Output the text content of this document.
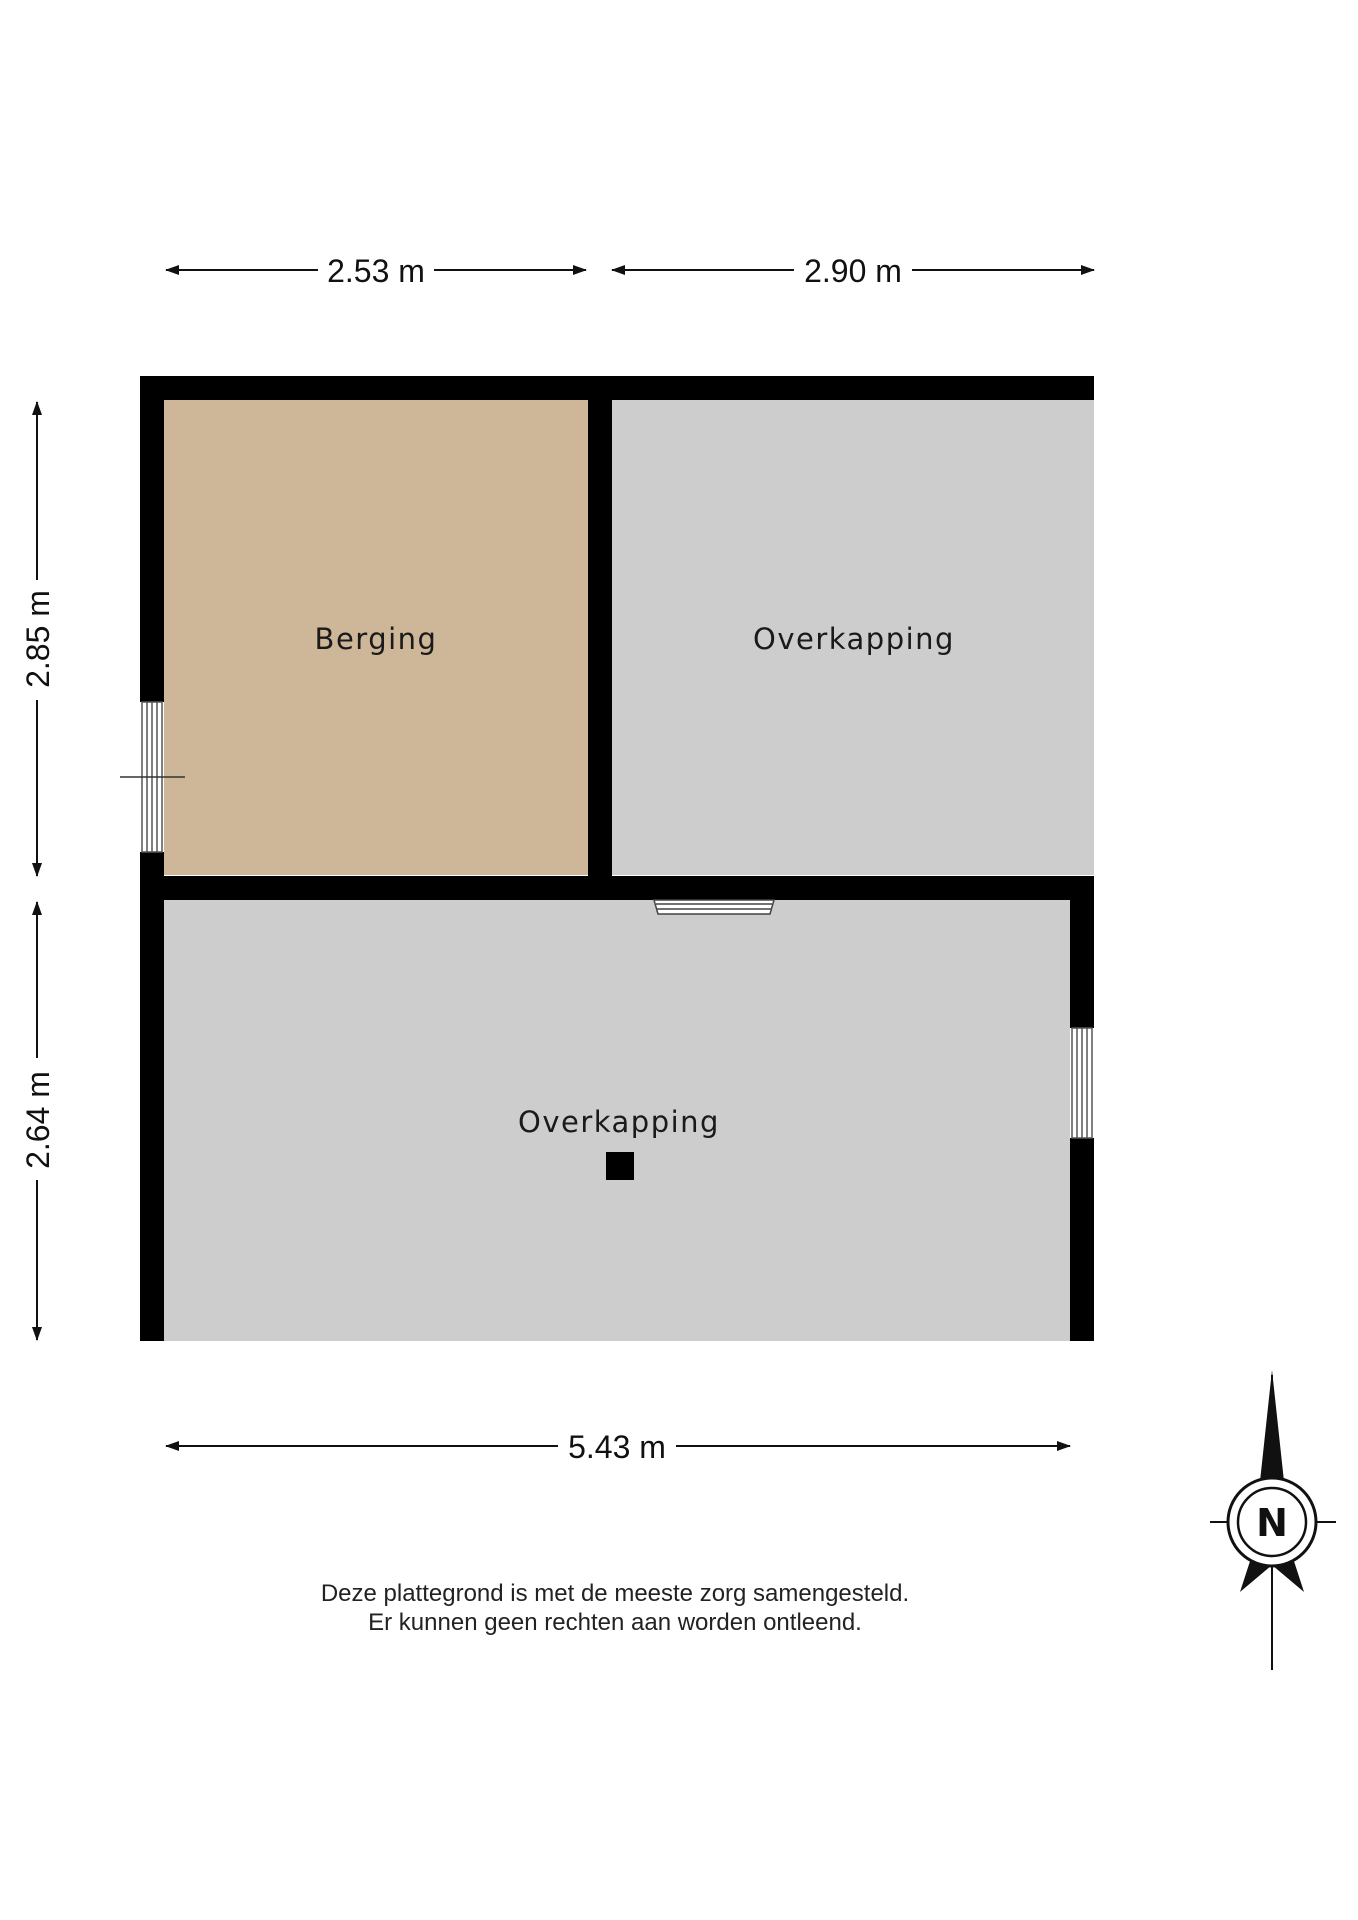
Berging	Overkapping
Overkapping
2.53 m	2.90 m
2.85 m
2.64 m
5.43 m
N
Deze plattegrond is met de meeste zorg samengesteld.
Er kunnen geen rechten aan worden ontleend.
